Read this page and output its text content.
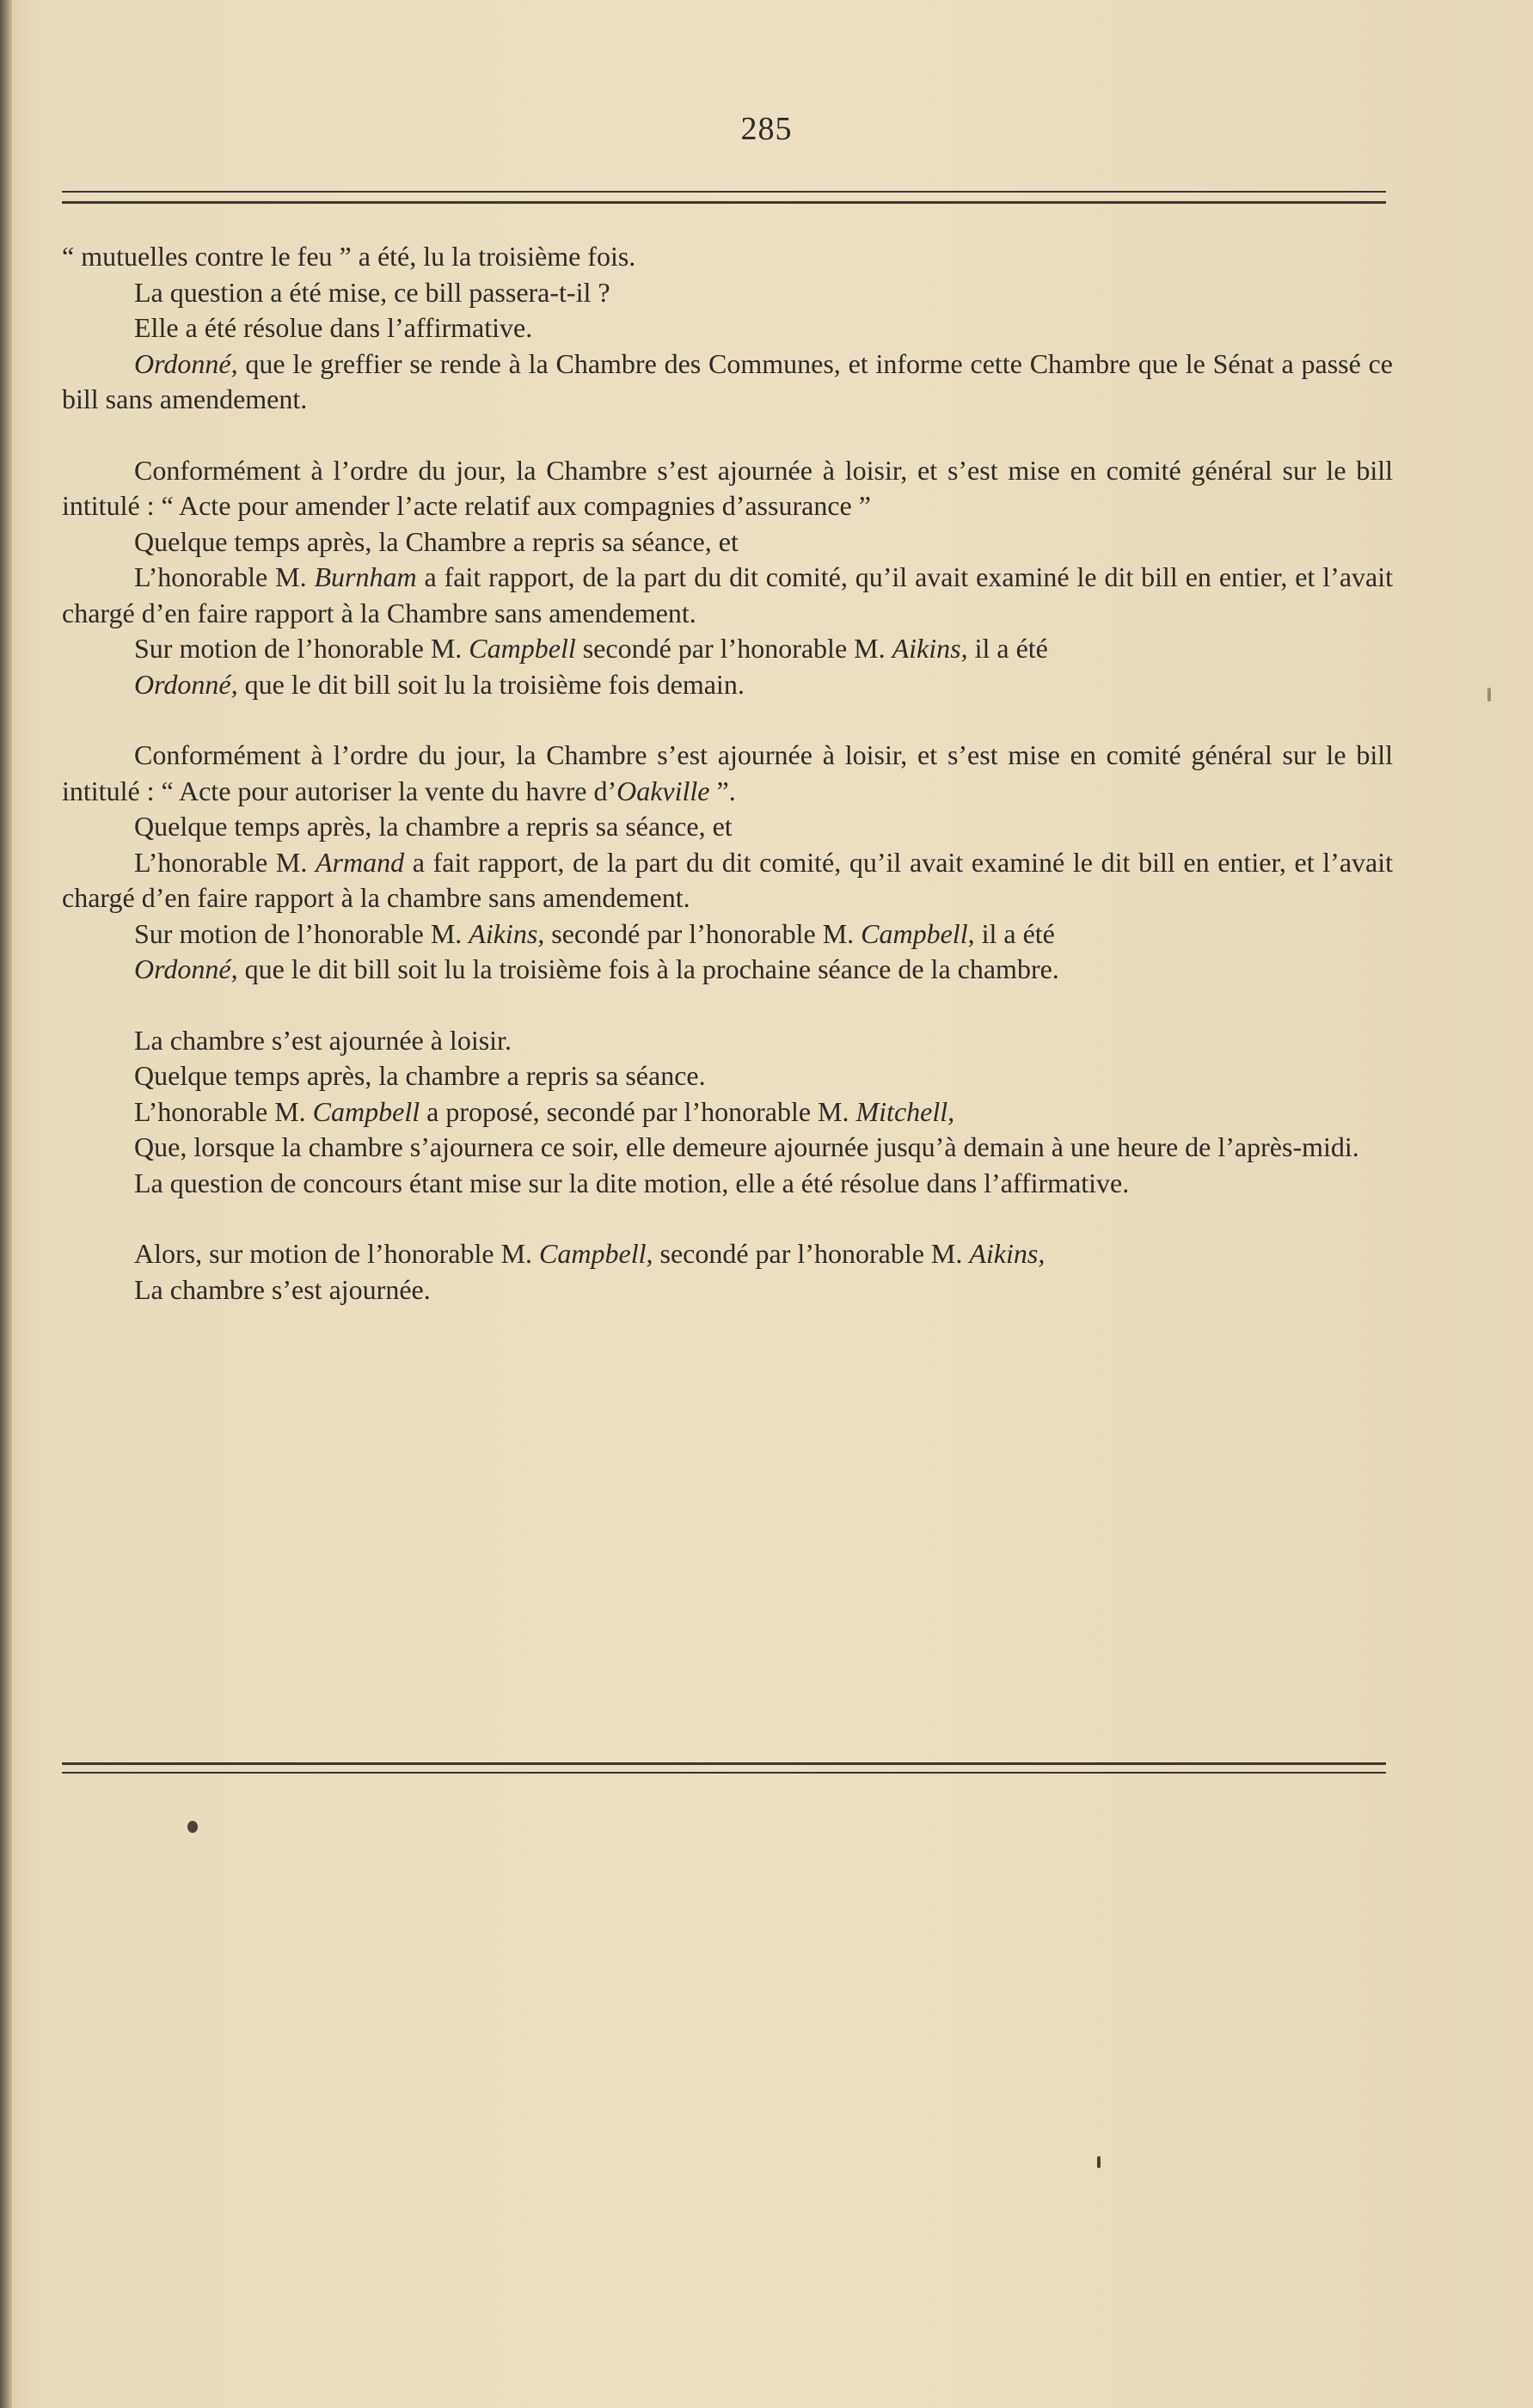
285

“ mutuelles contre le feu ” a été, lu la troisième fois.

La question a été mise, ce bill passera-t-il ?

Elle a été résolue dans l’affirmative.

Ordonné, que le greffier se rende à la Chambre des Communes, et informe cette Chambre que le Sénat a passé ce bill sans amendement.

Conformément à l’ordre du jour, la Chambre s’est ajournée à loisir, et s’est mise en comité général sur le bill intitulé : “ Acte pour amender l’acte relatif aux compagnies d’assurance ”

Quelque temps après, la Chambre a repris sa séance, et

L’honorable M. Burnham a fait rapport, de la part du dit comité, qu’il avait examiné le dit bill en entier, et l’avait chargé d’en faire rapport à la Chambre sans amendement.

Sur motion de l’honorable M. Campbell secondé par l’honorable M. Aikins, il a été

Ordonné, que le dit bill soit lu la troisième fois demain.

Conformément à l’ordre du jour, la Chambre s’est ajournée à loisir, et s’est mise en comité général sur le bill intitulé : “ Acte pour autoriser la vente du havre d’Oakville ”.

Quelque temps après, la chambre a repris sa séance, et

L’honorable M. Armand a fait rapport, de la part du dit comité, qu’il avait examiné le dit bill en entier, et l’avait chargé d’en faire rapport à la chambre sans amendement.

Sur motion de l’honorable M. Aikins, secondé par l’honorable M. Campbell, il a été

Ordonné, que le dit bill soit lu la troisième fois à la prochaine séance de la chambre.

La chambre s’est ajournée à loisir.

Quelque temps après, la chambre a repris sa séance.

L’honorable M. Campbell a proposé, secondé par l’honorable M. Mitchell,

Que, lorsque la chambre s’ajournera ce soir, elle demeure ajournée jusqu’à demain à une heure de l’après-midi.

La question de concours étant mise sur la dite motion, elle a été résolue dans l’affirmative.

Alors, sur motion de l’honorable M. Campbell, secondé par l’honorable M. Aikins,

La chambre s’est ajournée.
